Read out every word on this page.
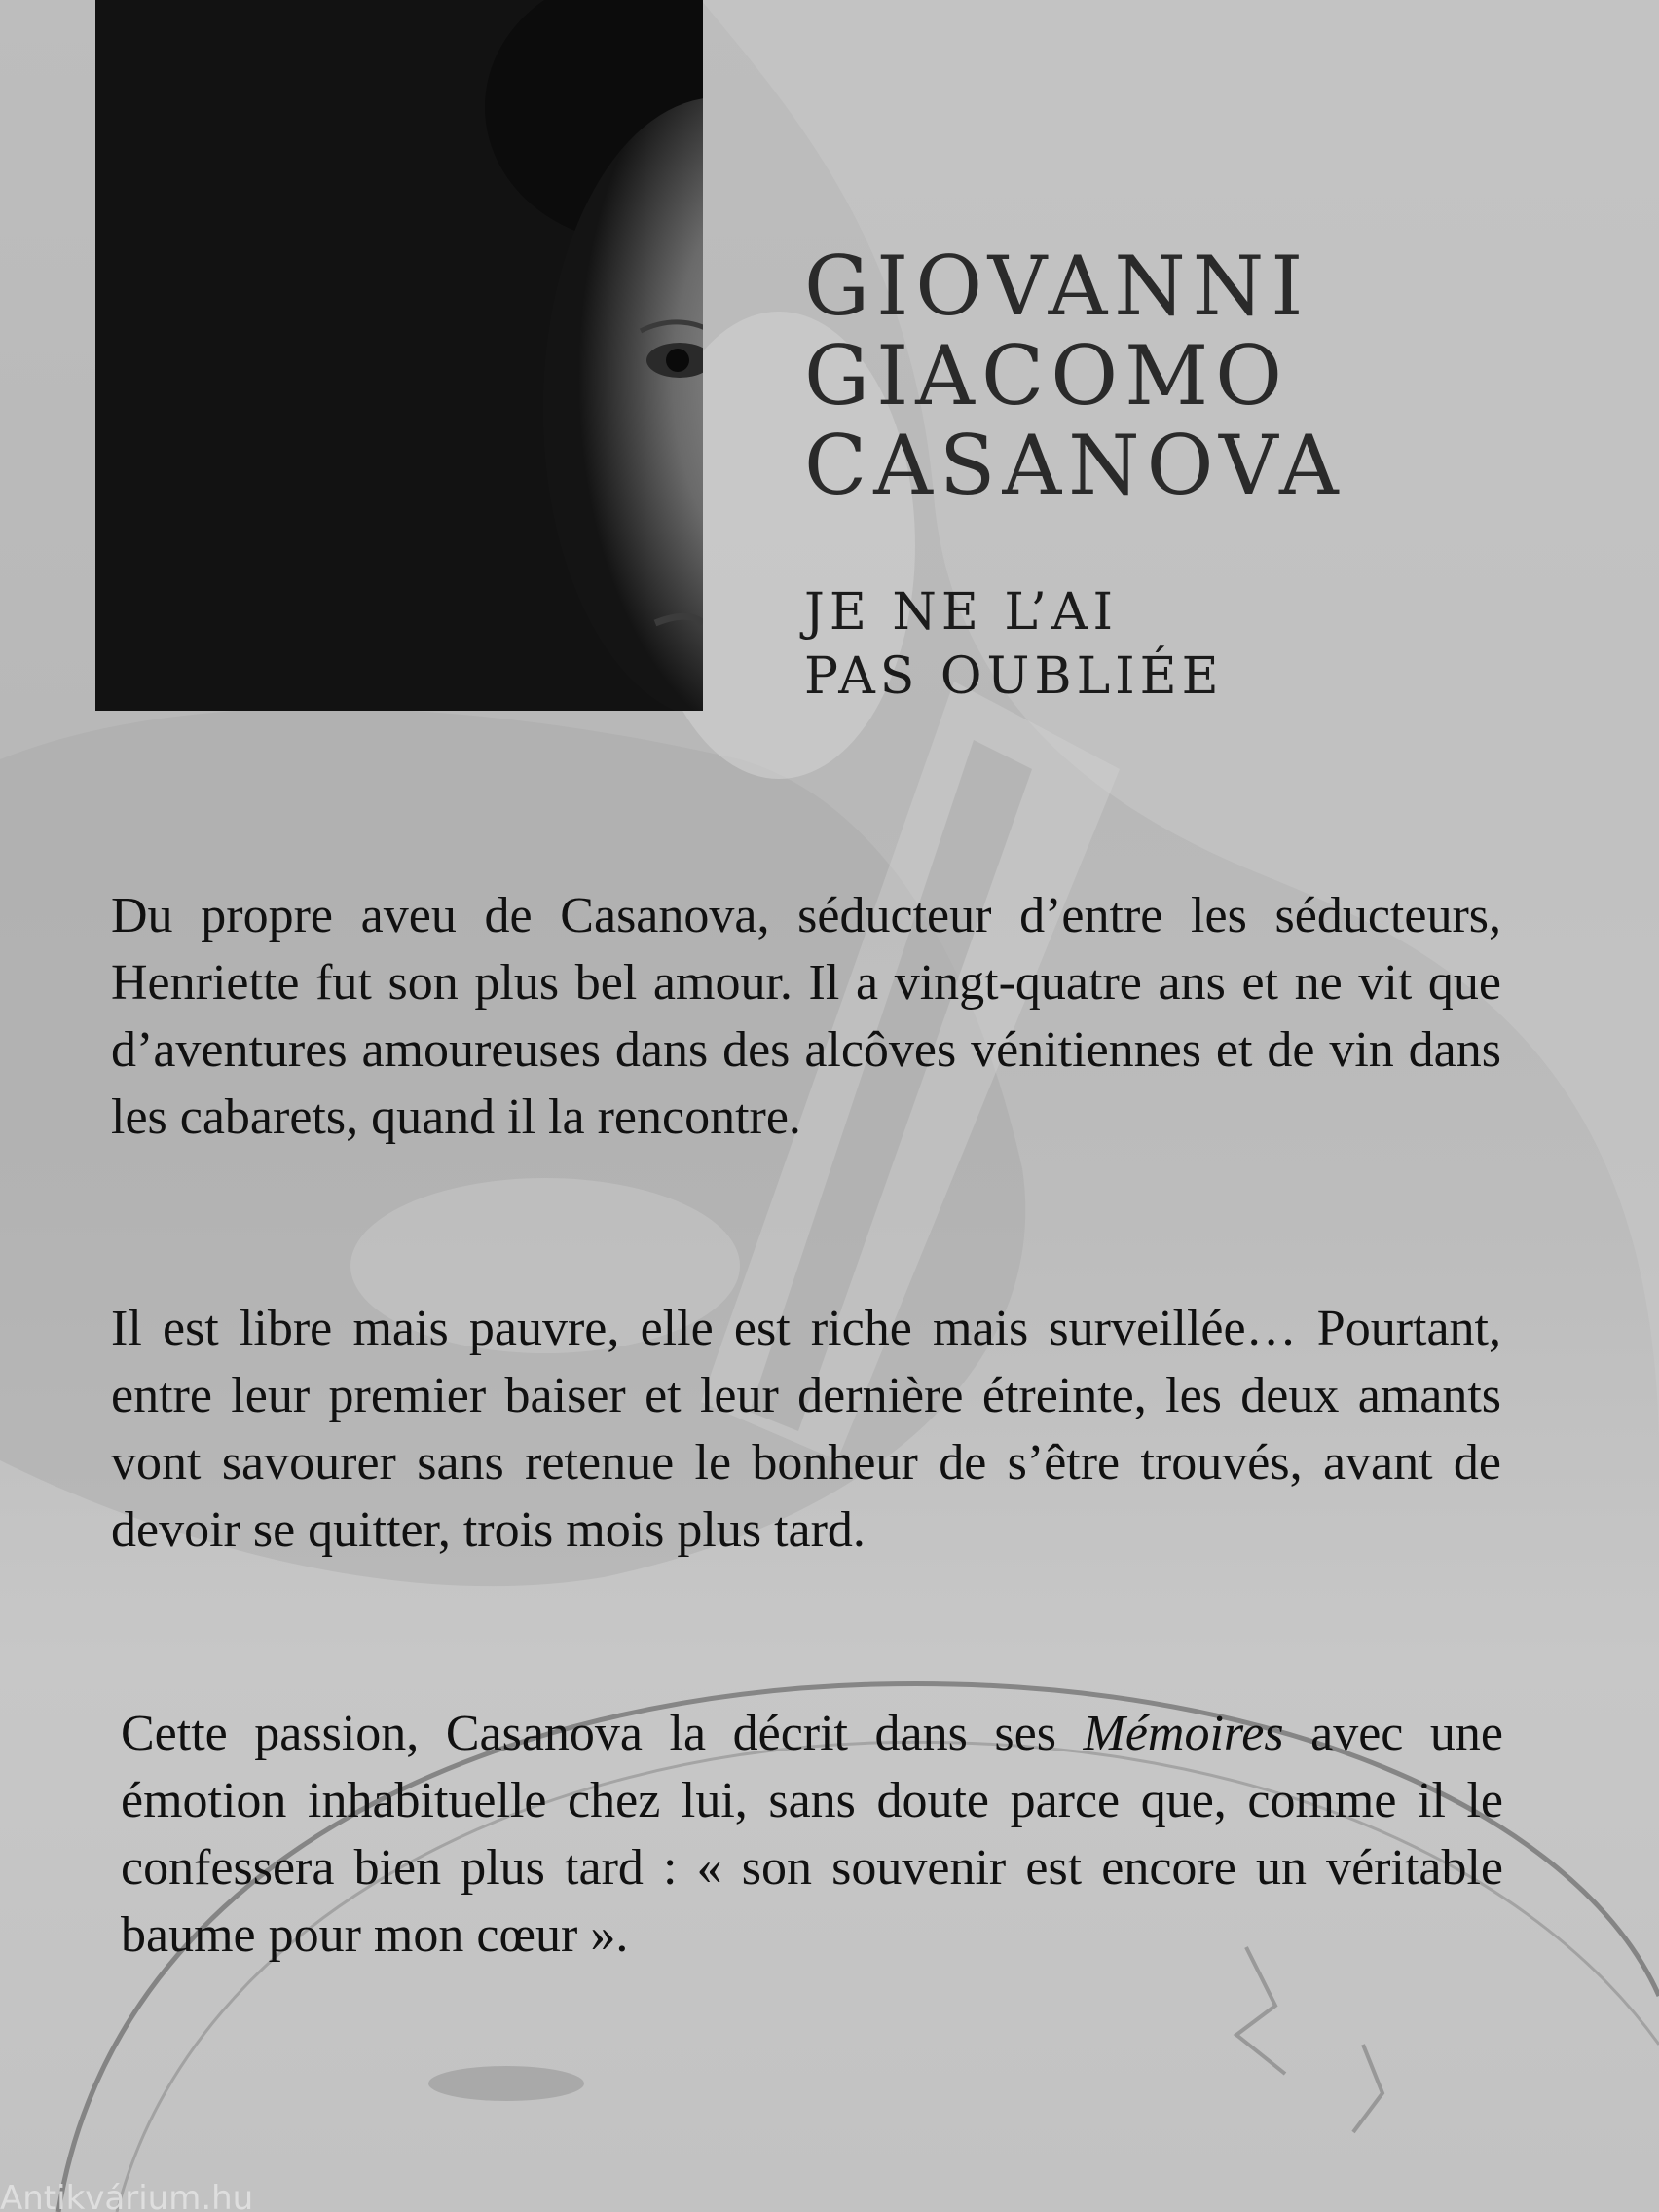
GIOVANNI
GIACOMO
CASANOVA
JE NE L’AI
PAS OUBLIÉE

Du propre aveu de Casanova, séducteur d’entre les séducteurs, Henriette fut son plus bel amour. Il a vingt-quatre ans et ne vit que d’aventures amoureuses dans des alcôves vénitiennes et de vin dans les cabarets, quand il la rencontre.

Il est libre mais pauvre, elle est riche mais surveillée… Pourtant, entre leur premier baiser et leur dernière étreinte, les deux amants vont savourer sans retenue le bonheur de s’être trouvés, avant de devoir se quitter, trois mois plus tard.

Cette passion, Casanova la décrit dans ses Mémoires avec une émotion inhabituelle chez lui, sans doute parce que, comme il le confessera bien plus tard : « son souvenir est encore un véritable baume pour mon cœur ».

Antikvárium.hu
